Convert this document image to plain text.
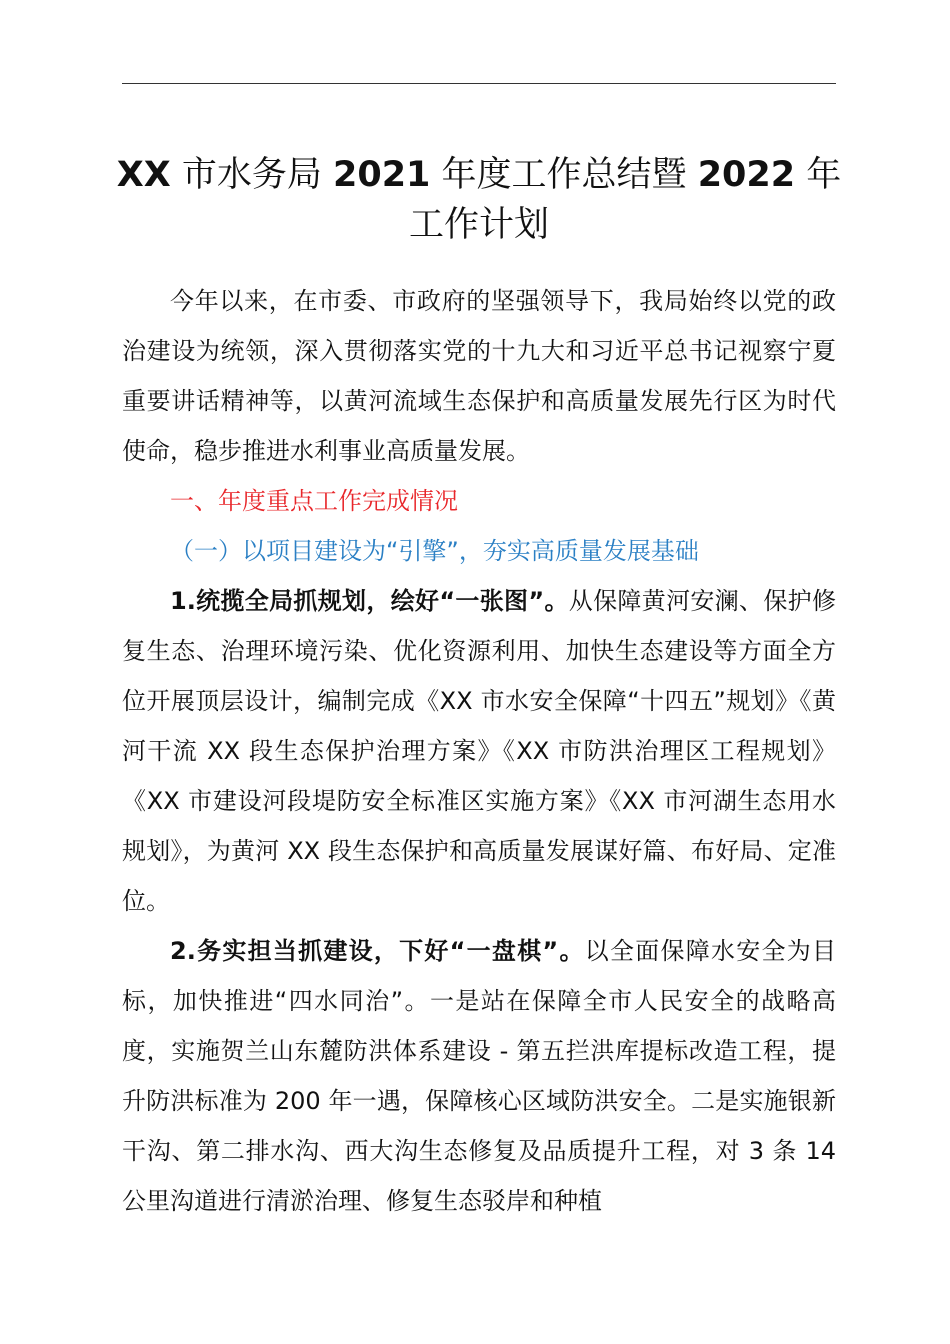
XX 市水务局 2021 年度工作总结暨 2022 年
工作计划

今年以来，在市委、市政府的坚强领导下，我局始终以党的政治建设为统领，深入贯彻落实党的十九大和习近平总书记视察宁夏重要讲话精神等，以黄河流域生态保护和高质量发展先行区为时代使命，稳步推进水利事业高质量发展。

一、年度重点工作完成情况

（一）以项目建设为“引擎”，夯实高质量发展基础

1.统揽全局抓规划，绘好“一张图”。从保障黄河安澜、保护修复生态、治理环境污染、优化资源利用、加快生态建设等方面全方位开展顶层设计，编制完成《XX 市水安全保障“十四五”规划》《黄河干流 XX 段生态保护治理方案》《XX 市防洪治理区工程规划》《XX 市建设河段堤防安全标准区实施方案》《XX 市河湖生态用水规划》，为黄河 XX 段生态保护和高质量发展谋好篇、布好局、定准位。

2.务实担当抓建设，下好“一盘棋”。以全面保障水安全为目标，加快推进“四水同治”。一是站在保障全市人民安全的战略高度，实施贺兰山东麓防洪体系建设 - 第五拦洪库提标改造工程，提升防洪标准为 200 年一遇，保障核心区域防洪安全。二是实施银新干沟、第二排水沟、西大沟生态修复及品质提升工程，对 3 条 14 公里沟道进行清淤治理、修复生态驳岸和种植
